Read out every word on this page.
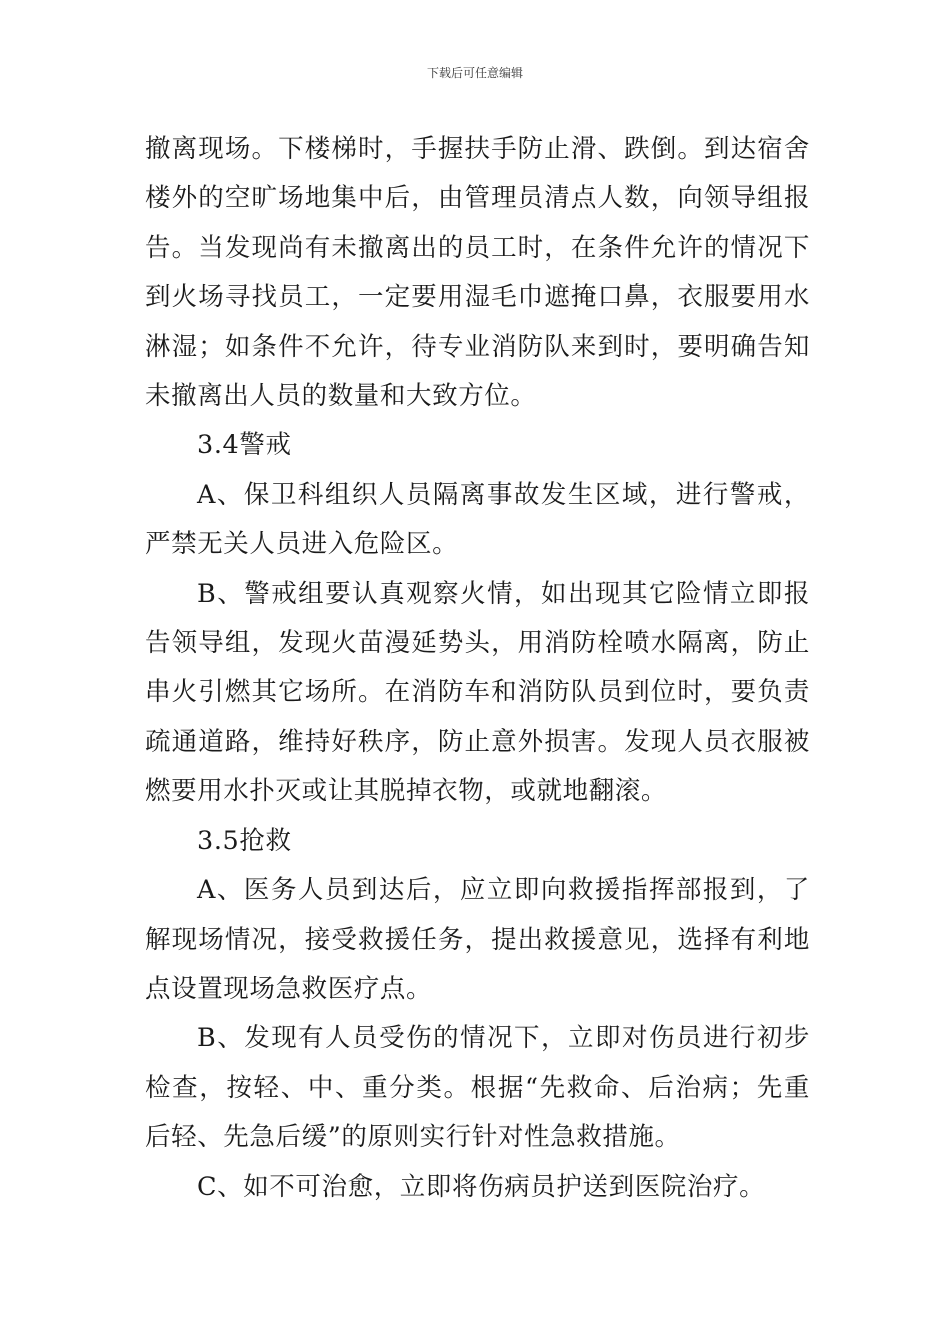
下载后可任意编辑

撤离现场。下楼梯时，手握扶手防止滑、跌倒。到达宿舍楼外的空旷场地集中后，由管理员清点人数，向领导组报告。当发现尚有未撤离出的员工时，在条件允许的情况下到火场寻找员工，一定要用湿毛巾遮掩口鼻，衣服要用水淋湿；如条件不允许，待专业消防队来到时，要明确告知未撤离出人员的数量和大致方位。

3.4警戒

A、保卫科组织人员隔离事故发生区域，进行警戒，严禁无关人员进入危险区。

B、警戒组要认真观察火情，如出现其它险情立即报告领导组，发现火苗漫延势头，用消防栓喷水隔离，防止串火引燃其它场所。在消防车和消防队员到位时，要负责疏通道路，维持好秩序，防止意外损害。发现人员衣服被燃要用水扑灭或让其脱掉衣物，或就地翻滚。

3.5抢救

A、医务人员到达后，应立即向救援指挥部报到，了解现场情况，接受救援任务，提出救援意见，选择有利地点设置现场急救医疗点。

B、发现有人员受伤的情况下，立即对伤员进行初步检查，按轻、中、重分类。根据“先救命、后治病；先重后轻、先急后缓”的原则实行针对性急救措施。

C、如不可治愈，立即将伤病员护送到医院治疗。
